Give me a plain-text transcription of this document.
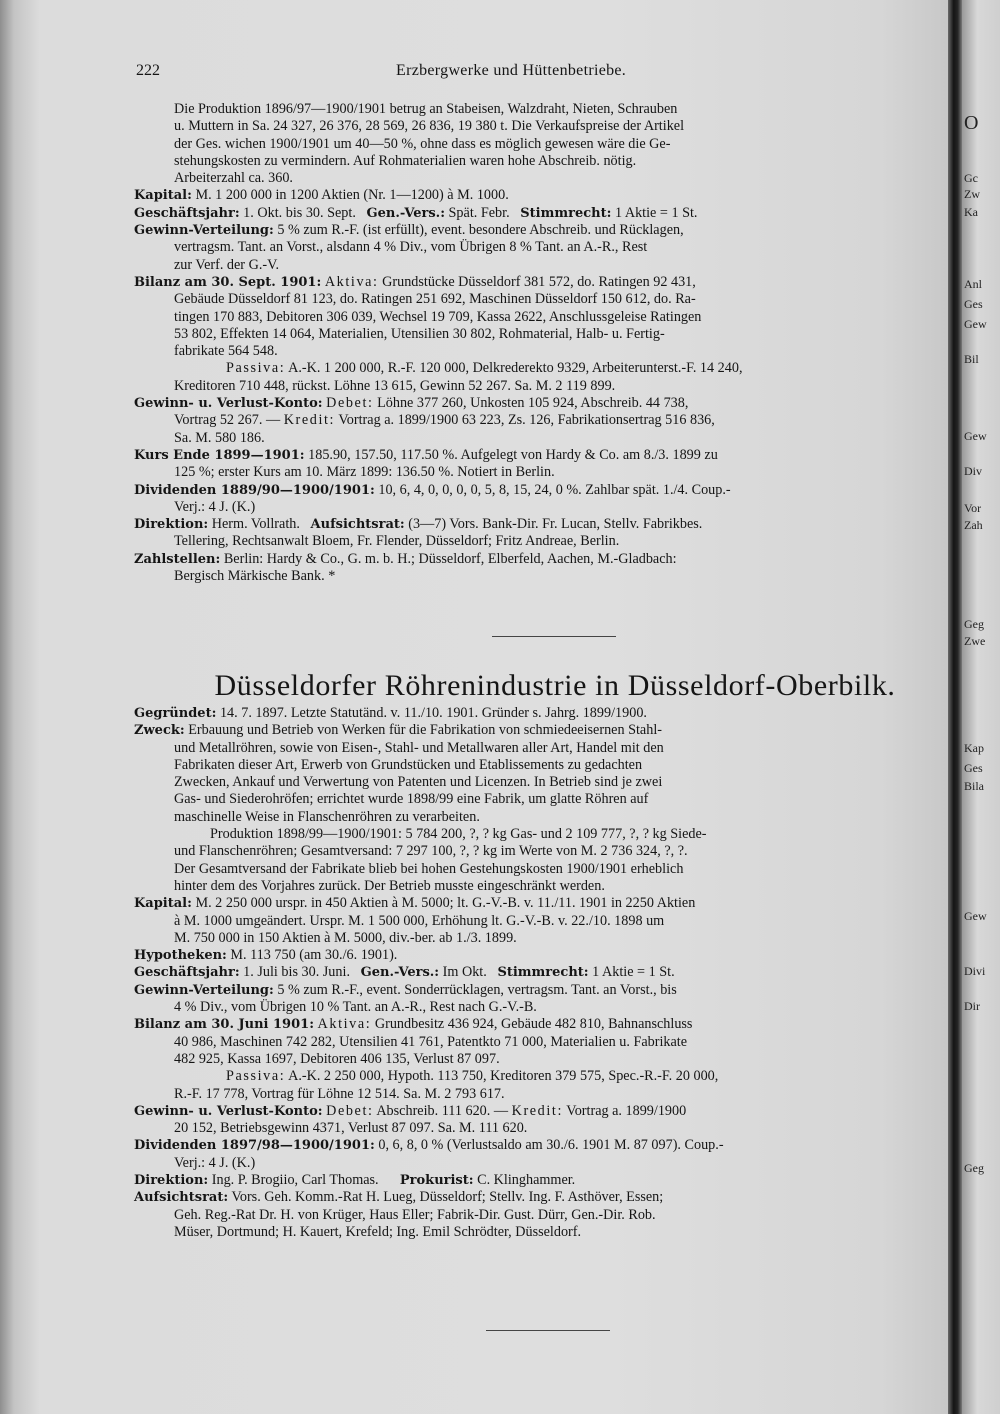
O
Gc
Zw
Ka
Anl
Ges
Gew
Bil
Gew
Div
Vor
Zah
Geg
Zwe
Kap
Ges
Bila
Gew
Divi
Dir
Geg
222	Erzbergwerke und Hüttenbetriebe.
Die Produktion 1896/97—1900/1901 betrug an Stabeisen, Walzdraht, Nieten, Schrauben
u. Muttern in Sa. 24 327, 26 376, 28 569, 26 836, 19 380 t. Die Verkaufspreise der Artikel
der Ges. wichen 1900/1901 um 40—50 %, ohne dass es möglich gewesen wäre die Ge-
stehungskosten zu vermindern. Auf Rohmaterialien waren hohe Abschreib. nötig.
Arbeiterzahl ca. 360.
Kapital: M. 1 200 000 in 1200 Aktien (Nr. 1—1200) à M. 1000.
Geschäftsjahr: 1. Okt. bis 30. Sept. Gen.-Vers.: Spät. Febr. Stimmrecht: 1 Aktie = 1 St.
Gewinn-Verteilung: 5 % zum R.-F. (ist erfüllt), event. besondere Abschreib. und Rücklagen,
vertragsm. Tant. an Vorst., alsdann 4 % Div., vom Übrigen 8 % Tant. an A.-R., Rest
zur Verf. der G.-V.
Bilanz am 30. Sept. 1901: Aktiva: Grundstücke Düsseldorf 381 572, do. Ratingen 92 431,
Gebäude Düsseldorf 81 123, do. Ratingen 251 692, Maschinen Düsseldorf 150 612, do. Ra-
tingen 170 883, Debitoren 306 039, Wechsel 19 709, Kassa 2622, Anschlussgeleise Ratingen
53 802, Effekten 14 064, Materialien, Utensilien 30 802, Rohmaterial, Halb- u. Fertig-
fabrikate 564 548.
Passiva: A.-K. 1 200 000, R.-F. 120 000, Delkrederekto 9329, Arbeiterunterst.-F. 14 240,
Kreditoren 710 448, rückst. Löhne 13 615, Gewinn 52 267. Sa. M. 2 119 899.
Gewinn- u. Verlust-Konto: Debet: Löhne 377 260, Unkosten 105 924, Abschreib. 44 738,
Vortrag 52 267. — Kredit: Vortrag a. 1899/1900 63 223, Zs. 126, Fabrikationsertrag 516 836,
Sa. M. 580 186.
Kurs Ende 1899—1901: 185.90, 157.50, 117.50 %. Aufgelegt von Hardy & Co. am 8./3. 1899 zu
125 %; erster Kurs am 10. März 1899: 136.50 %. Notiert in Berlin.
Dividenden 1889/90—1900/1901: 10, 6, 4, 0, 0, 0, 0, 5, 8, 15, 24, 0 %. Zahlbar spät. 1./4. Coup.-
Verj.: 4 J. (K.)
Direktion: Herm. Vollrath. Aufsichtsrat: (3—7) Vors. Bank-Dir. Fr. Lucan, Stellv. Fabrikbes.
Tellering, Rechtsanwalt Bloem, Fr. Flender, Düsseldorf; Fritz Andreae, Berlin.
Zahlstellen: Berlin: Hardy & Co., G. m. b. H.; Düsseldorf, Elberfeld, Aachen, M.-Gladbach:
Bergisch Märkische Bank. *
Düsseldorfer Röhrenindustrie in Düsseldorf-Oberbilk.
Gegründet: 14. 7. 1897. Letzte Statutänd. v. 11./10. 1901. Gründer s. Jahrg. 1899/1900.
Zweck: Erbauung und Betrieb von Werken für die Fabrikation von schmiedeeisernen Stahl-
und Metallröhren, sowie von Eisen-, Stahl- und Metallwaren aller Art, Handel mit den
Fabrikaten dieser Art, Erwerb von Grundstücken und Etablissements zu gedachten
Zwecken, Ankauf und Verwertung von Patenten und Licenzen. In Betrieb sind je zwei
Gas- und Siederohröfen; errichtet wurde 1898/99 eine Fabrik, um glatte Röhren auf
maschinelle Weise in Flanschenröhren zu verarbeiten.
Produktion 1898/99—1900/1901: 5 784 200, ?, ? kg Gas- und 2 109 777, ?, ? kg Siede-
und Flanschenröhren; Gesamtversand: 7 297 100, ?, ? kg im Werte von M. 2 736 324, ?, ?.
Der Gesamtversand der Fabrikate blieb bei hohen Gestehungskosten 1900/1901 erheblich
hinter dem des Vorjahres zurück. Der Betrieb musste eingeschränkt werden.
Kapital: M. 2 250 000 urspr. in 450 Aktien à M. 5000; lt. G.-V.-B. v. 11./11. 1901 in 2250 Aktien
à M. 1000 umgeändert. Urspr. M. 1 500 000, Erhöhung lt. G.-V.-B. v. 22./10. 1898 um
M. 750 000 in 150 Aktien à M. 5000, div.-ber. ab 1./3. 1899.
Hypotheken: M. 113 750 (am 30./6. 1901).
Geschäftsjahr: 1. Juli bis 30. Juni. Gen.-Vers.: Im Okt. Stimmrecht: 1 Aktie = 1 St.
Gewinn-Verteilung: 5 % zum R.-F., event. Sonderrücklagen, vertragsm. Tant. an Vorst., bis
4 % Div., vom Übrigen 10 % Tant. an A.-R., Rest nach G.-V.-B.
Bilanz am 30. Juni 1901: Aktiva: Grundbesitz 436 924, Gebäude 482 810, Bahnanschluss
40 986, Maschinen 742 282, Utensilien 41 761, Patentkto 71 000, Materialien u. Fabrikate
482 925, Kassa 1697, Debitoren 406 135, Verlust 87 097.
Passiva: A.-K. 2 250 000, Hypoth. 113 750, Kreditoren 379 575, Spec.-R.-F. 20 000,
R.-F. 17 778, Vortrag für Löhne 12 514. Sa. M. 2 793 617.
Gewinn- u. Verlust-Konto: Debet: Abschreib. 111 620. — Kredit: Vortrag a. 1899/1900
20 152, Betriebsgewinn 4371, Verlust 87 097. Sa. M. 111 620.
Dividenden 1897/98—1900/1901: 0, 6, 8, 0 % (Verlustsaldo am 30./6. 1901 M. 87 097). Coup.-
Verj.: 4 J. (K.)
Direktion: Ing. P. Brogiio, Carl Thomas. Prokurist: C. Klinghammer.
Aufsichtsrat: Vors. Geh. Komm.-Rat H. Lueg, Düsseldorf; Stellv. Ing. F. Asthöver, Essen;
Geh. Reg.-Rat Dr. H. von Krüger, Haus Eller; Fabrik-Dir. Gust. Dürr, Gen.-Dir. Rob.
Müser, Dortmund; H. Kauert, Krefeld; Ing. Emil Schrödter, Düsseldorf.
